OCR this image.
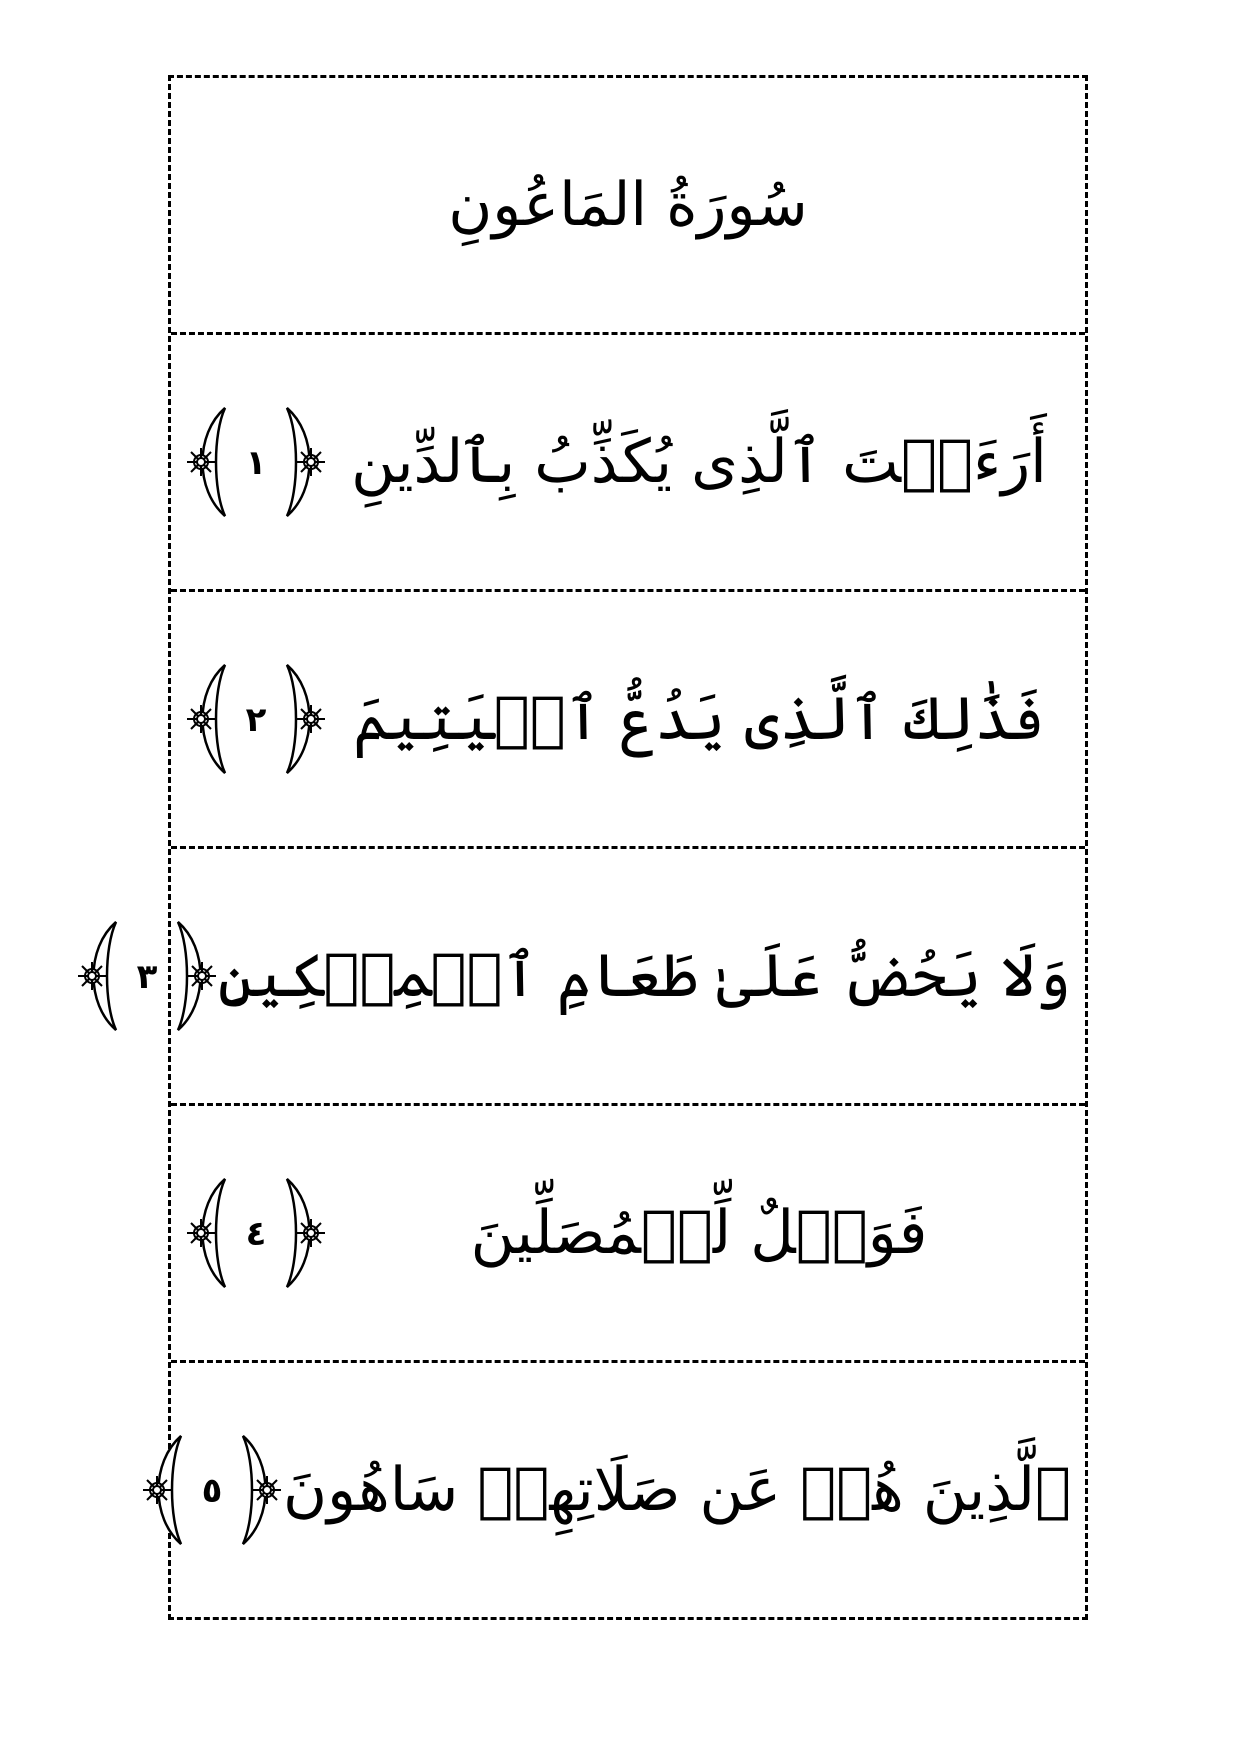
سُورَةُ المَاعُونِ
أَرَءَيۡتَ ٱلَّذِى يُكَذِّبُ بِٱلدِّينِ
١
فَذَٰلِكَ ٱلَّذِى يَدُعُّ ٱلۡيَتِيمَ
٢
وَلَا يَحُضُّ عَلَىٰ طَعَامِ ٱلۡمِسۡكِينِ
٣
فَوَيۡلٌ لِّلۡمُصَلِّينَ
٤
ٱلَّذِينَ هُمۡ عَن صَلَاتِهِمۡ سَاهُونَ
٥
